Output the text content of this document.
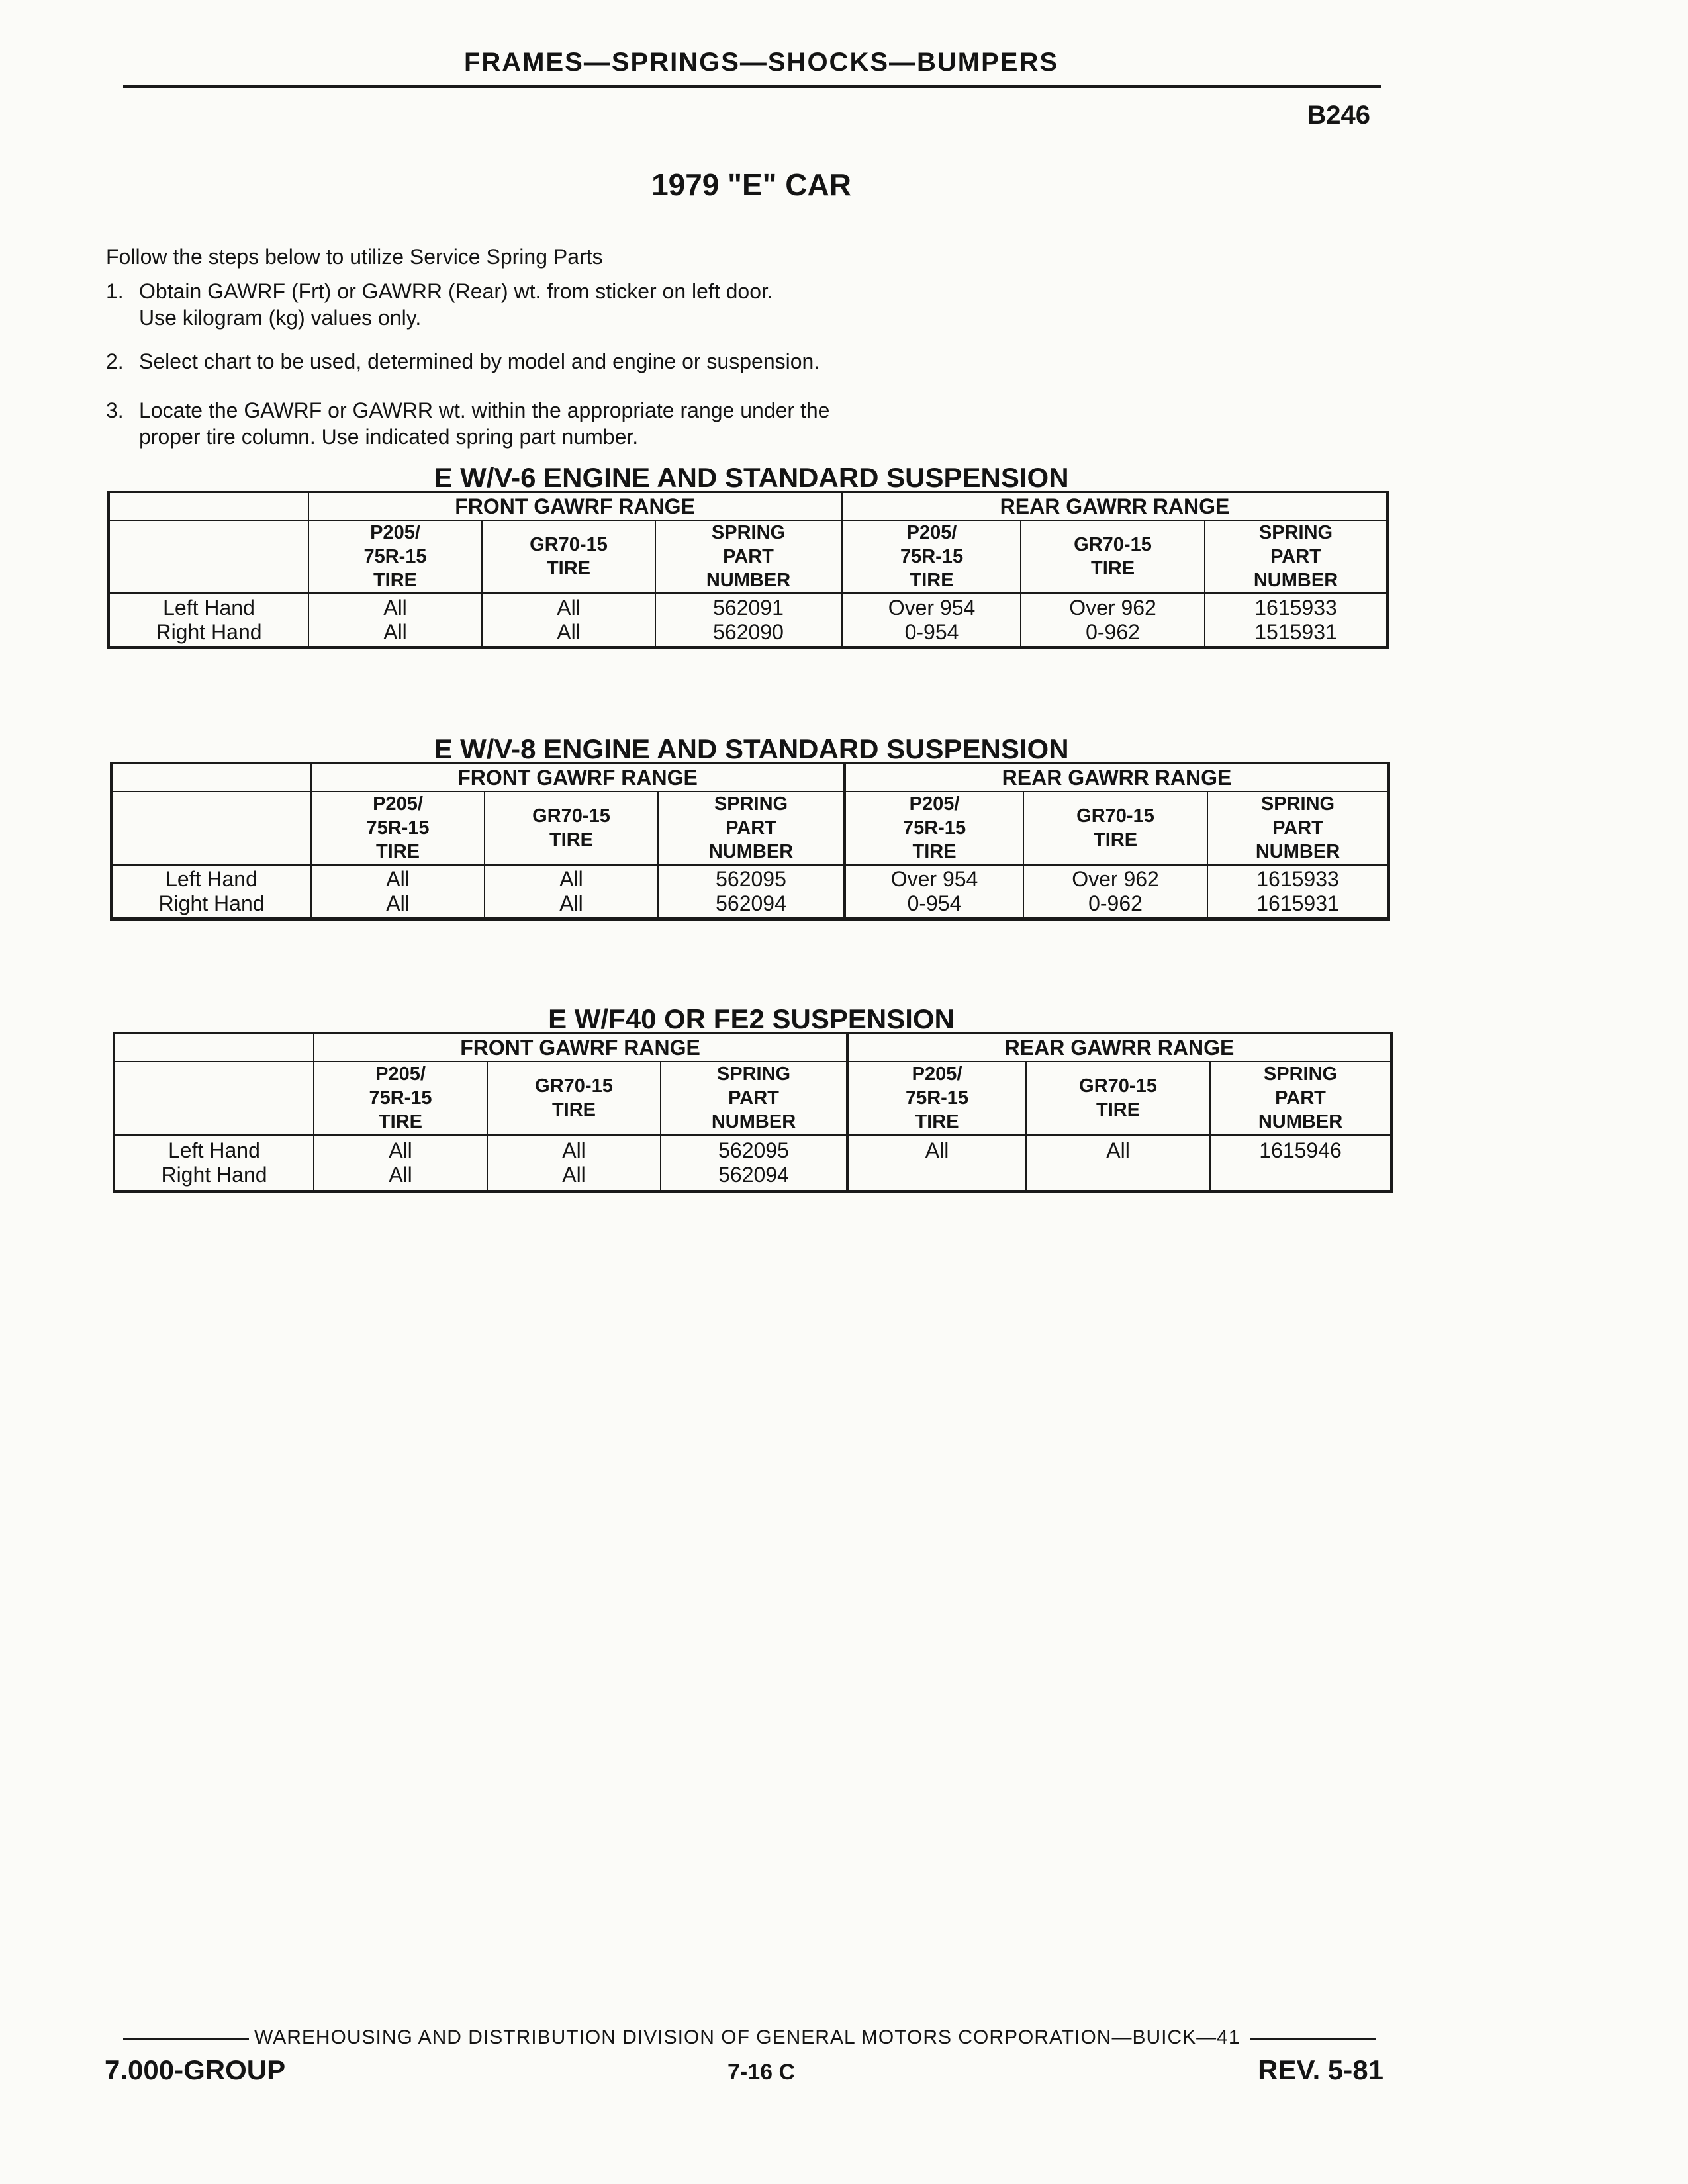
FRAMES—SPRINGS—SHOCKS—BUMPERS
B246
1979 "E" CAR
Follow the steps below to utilize Service Spring Parts
1. Obtain GAWRF (Frt) or GAWRR (Rear) wt. from sticker on left door.
Use kilogram (kg) values only.
2. Select chart to be used, determined by model and engine or suspension.
3. Locate the GAWRF or GAWRR wt. within the appropriate range under the
proper tire column. Use indicated spring part number.
E W/V-6 ENGINE AND STANDARD SUSPENSION
	FRONT GAWRF RANGE			REAR GAWRR RANGE		

	P205/
75R-15
TIRE	GR70-15
TIRE	SPRING
PART
NUMBER	P205/
75R-15
TIRE	GR70-15
TIRE	SPRING
PART
NUMBER

Left Hand
Right Hand	All
All	All
All	562091
562090	Over 954
0-954	Over 962
0-962	1615933
1515931
E W/V-8 ENGINE AND STANDARD SUSPENSION
	FRONT GAWRF RANGE			REAR GAWRR RANGE		

	P205/
75R-15
TIRE	GR70-15
TIRE	SPRING
PART
NUMBER	P205/
75R-15
TIRE	GR70-15
TIRE	SPRING
PART
NUMBER

Left Hand
Right Hand	All
All	All
All	562095
562094	Over 954
0-954	Over 962
0-962	1615933
1615931
E W/F40 OR FE2 SUSPENSION
	FRONT GAWRF RANGE			REAR GAWRR RANGE		

	P205/
75R-15
TIRE	GR70-15
TIRE	SPRING
PART
NUMBER	P205/
75R-15
TIRE	GR70-15
TIRE	SPRING
PART
NUMBER

Left Hand
Right Hand	All
All	All
All	562095
562094	All	All	1615946
WAREHOUSING AND DISTRIBUTION DIVISION OF GENERAL MOTORS CORPORATION—BUICK—41
7.000-GROUP	7-16 C	REV. 5-81
